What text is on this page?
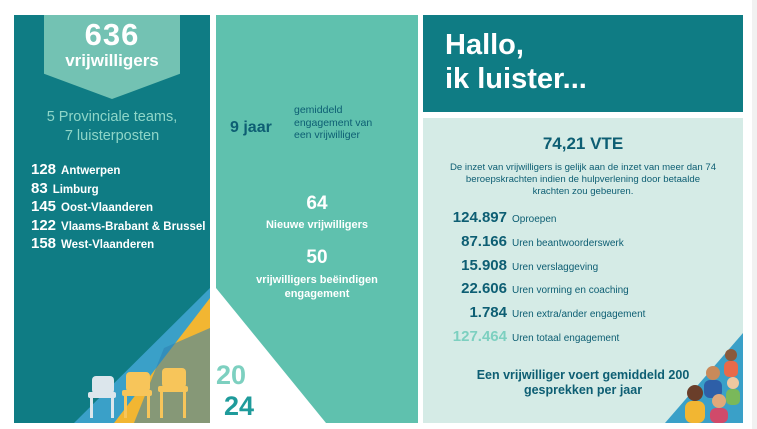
636
vrijwilligers
5 Provinciale teams,
7 luisterposten
128 Antwerpen
83 Limburg
145 Oost-Vlaanderen
122 Vlaams-Brabant & Brussel
158 West-Vlaanderen
9 jaar
gemiddeld
engagement van
een vrijwilliger
64
Nieuwe vrijwilligers
50
vrijwilligers beëindigen
engagement
20
24
Hallo,
ik luister...
74,21 VTE
De inzet van vrijwilligers is gelijk aan de inzet van meer dan 74 beroepskrachten indien de hulpverlening door betaalde krachten zou gebeuren.
124.897 Oproepen
87.166 Uren beantwoorderswerk
15.908 Uren verslaggeving
22.606 Uren vorming en coaching
1.784 Uren extra/ander engagement
127.464 Uren totaal engagement
Een vrijwilliger voert gemiddeld 200
gesprekken per jaar
